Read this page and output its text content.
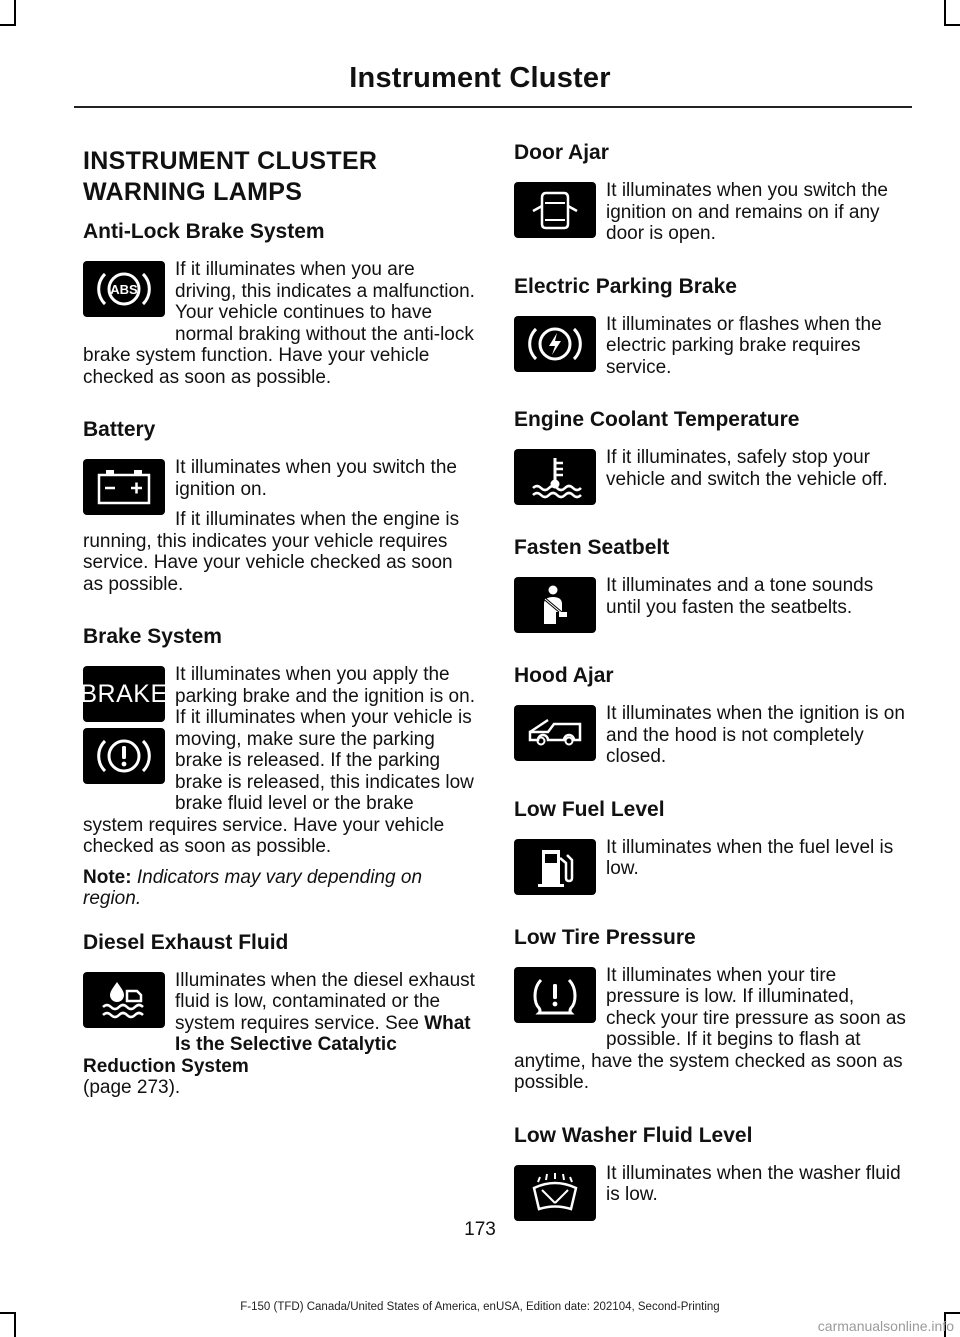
Instrument Cluster
INSTRUMENT CLUSTER WARNING LAMPS
Anti-Lock Brake System
ABS

If it illuminates when you are driving, this indicates a malfunction. Your vehicle continues to have normal braking without the anti-lock brake system function. Have your vehicle checked as soon as possible.

Battery

It illuminates when you switch the ignition on.

If it illuminates when the engine is running, this indicates your vehicle requires service. Have your vehicle checked as soon as possible.

Brake System
BRAKE

It illuminates when you apply the parking brake and the ignition is on. If it illuminates when your vehicle is moving, make sure the parking brake is released. If the parking brake is released, this indicates low brake fluid level or the brake system requires service. Have your vehicle checked as soon as possible.

Note: Indicators may vary depending on region.

Diesel Exhaust Fluid

Illuminates when the diesel exhaust fluid is low, contaminated or the system requires service. See What Is the Selective Catalytic Reduction System
(page 273).

Door Ajar

It illuminates when you switch the ignition on and remains on if any door is open.

Electric Parking Brake

It illuminates or flashes when the electric parking brake requires service.

Engine Coolant Temperature

If it illuminates, safely stop your vehicle and switch the vehicle off.

Fasten Seatbelt

It illuminates and a tone sounds until you fasten the seatbelts.

Hood Ajar

It illuminates when the ignition is on and the hood is not completely closed.

Low Fuel Level

It illuminates when the fuel level is low.

Low Tire Pressure

It illuminates when your tire pressure is low. If illuminated, check your tire pressure as soon as possible. If it begins to flash at anytime, have the system checked as soon as possible.

Low Washer Fluid Level

It illuminates when the washer fluid is low.

173
F-150 (TFD) Canada/United States of America, enUSA, Edition date: 202104, Second-Printing
carmanualsonline.info
